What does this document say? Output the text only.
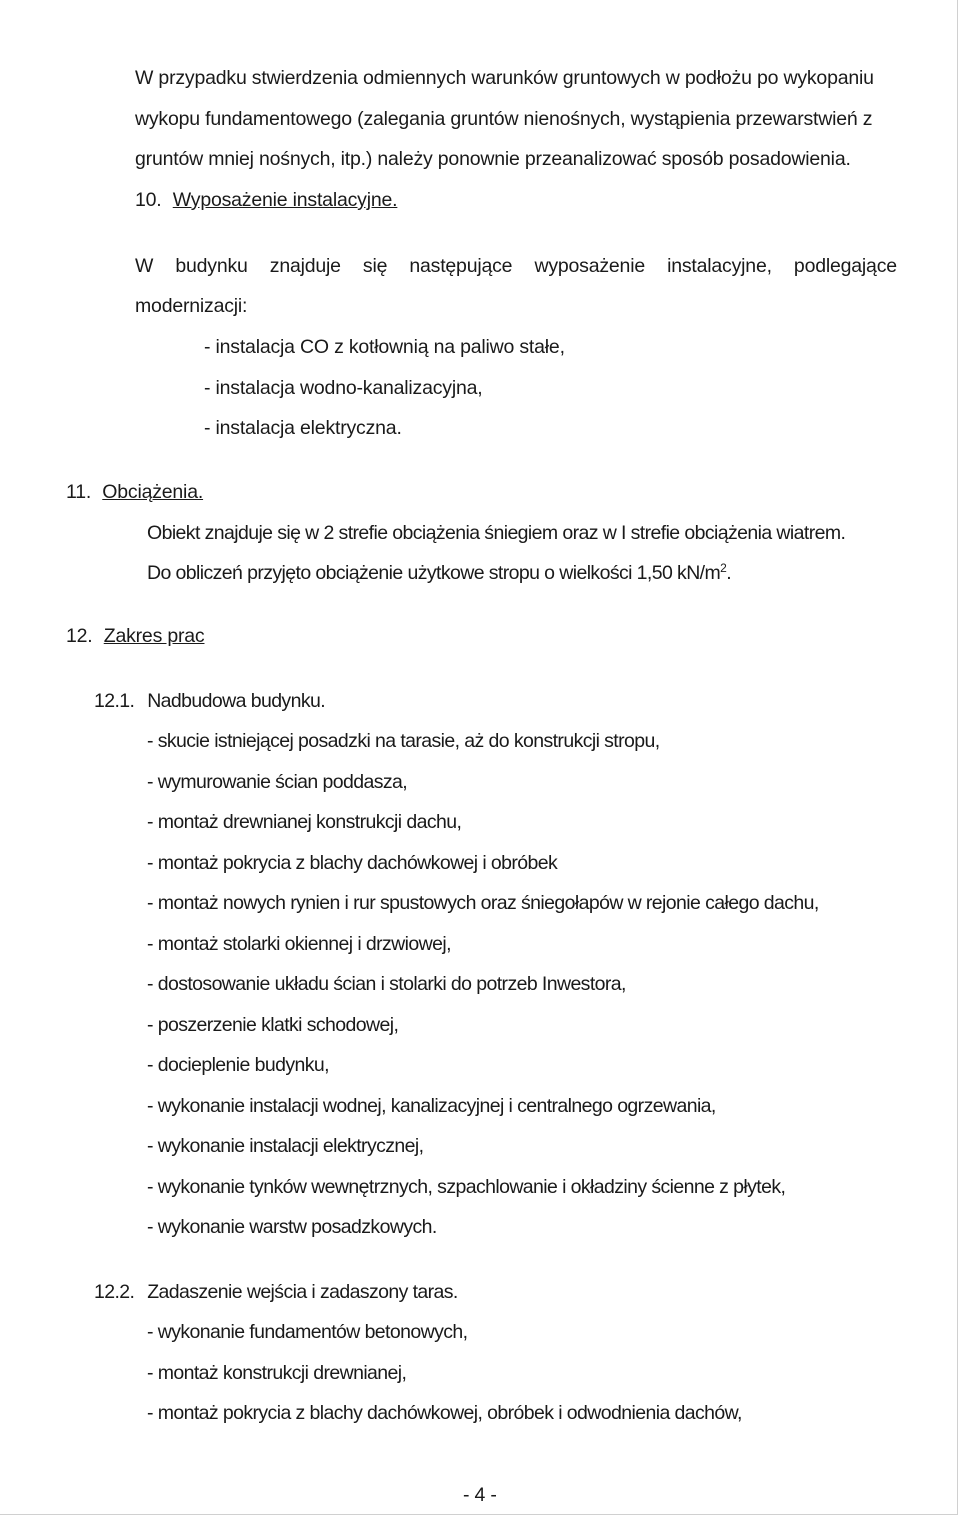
W przypadku stwierdzenia odmiennych warunków gruntowych w podłożu po wykopaniu
wykopu fundamentowego (zalegania gruntów nienośnych, wystąpienia przewarstwień z
gruntów mniej nośnych, itp.) należy ponownie przeanalizować sposób posadowienia.
10. Wyposażenie instalacyjne.
W budynku znajduje się następujące wyposażenie instalacyjne, podlegające
modernizacji:
- instalacja CO z kotłownią na paliwo stałe,
- instalacja wodno-kanalizacyjna,
- instalacja elektryczna.
11. Obciążenia.
Obiekt znajduje się w 2 strefie obciążenia śniegiem oraz w I strefie obciążenia wiatrem.
Do obliczeń przyjęto obciążenie użytkowe stropu o wielkości 1,50 $kN/m^2$.
12. Zakres prac
12.1. Nadbudowa budynku.
- skucie istniejącej posadzki na tarasie, aż do konstrukcji stropu,
- wymurowanie ścian poddasza,
- montaż drewnianej konstrukcji dachu,
- montaż pokrycia z blachy dachówkowej i obróbek
- montaż nowych rynien i rur spustowych oraz śniegołapów w rejonie całego dachu,
- montaż stolarki okiennej i drzwiowej,
- dostosowanie układu ścian i stolarki do potrzeb Inwestora,
- poszerzenie klatki schodowej,
- docieplenie budynku,
- wykonanie instalacji wodnej, kanalizacyjnej i centralnego ogrzewania,
- wykonanie instalacji elektrycznej,
- wykonanie tynków wewnętrznych, szpachlowanie i okładziny ścienne z płytek,
- wykonanie warstw posadzkowych.
12.2. Zadaszenie wejścia i zadaszony taras.
- wykonanie fundamentów betonowych,
- montaż konstrukcji drewnianej,
- montaż pokrycia z blachy dachówkowej, obróbek i odwodnienia dachów,
- 4 -
